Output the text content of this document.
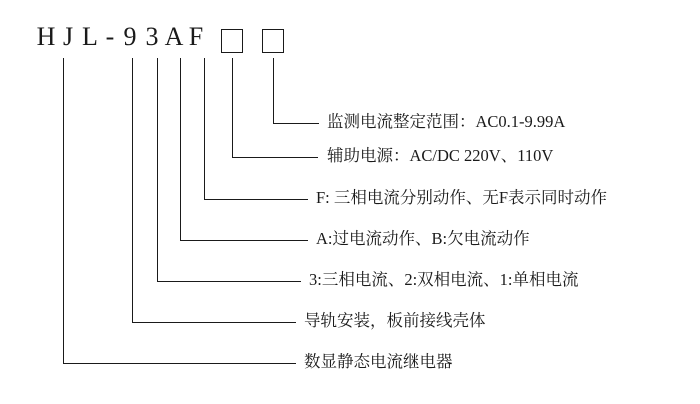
H J L - 9 3 A F
监测电流整定范围：AC0.1-9.99A
辅助电源：AC/DC 220V、110V
F: 三相电流分别动作、无F表示同时动作
A:过电流动作、B:欠电流动作
3:三相电流、2:双相电流、1:单相电流
导轨安装，板前接线壳体
数显静态电流继电器
